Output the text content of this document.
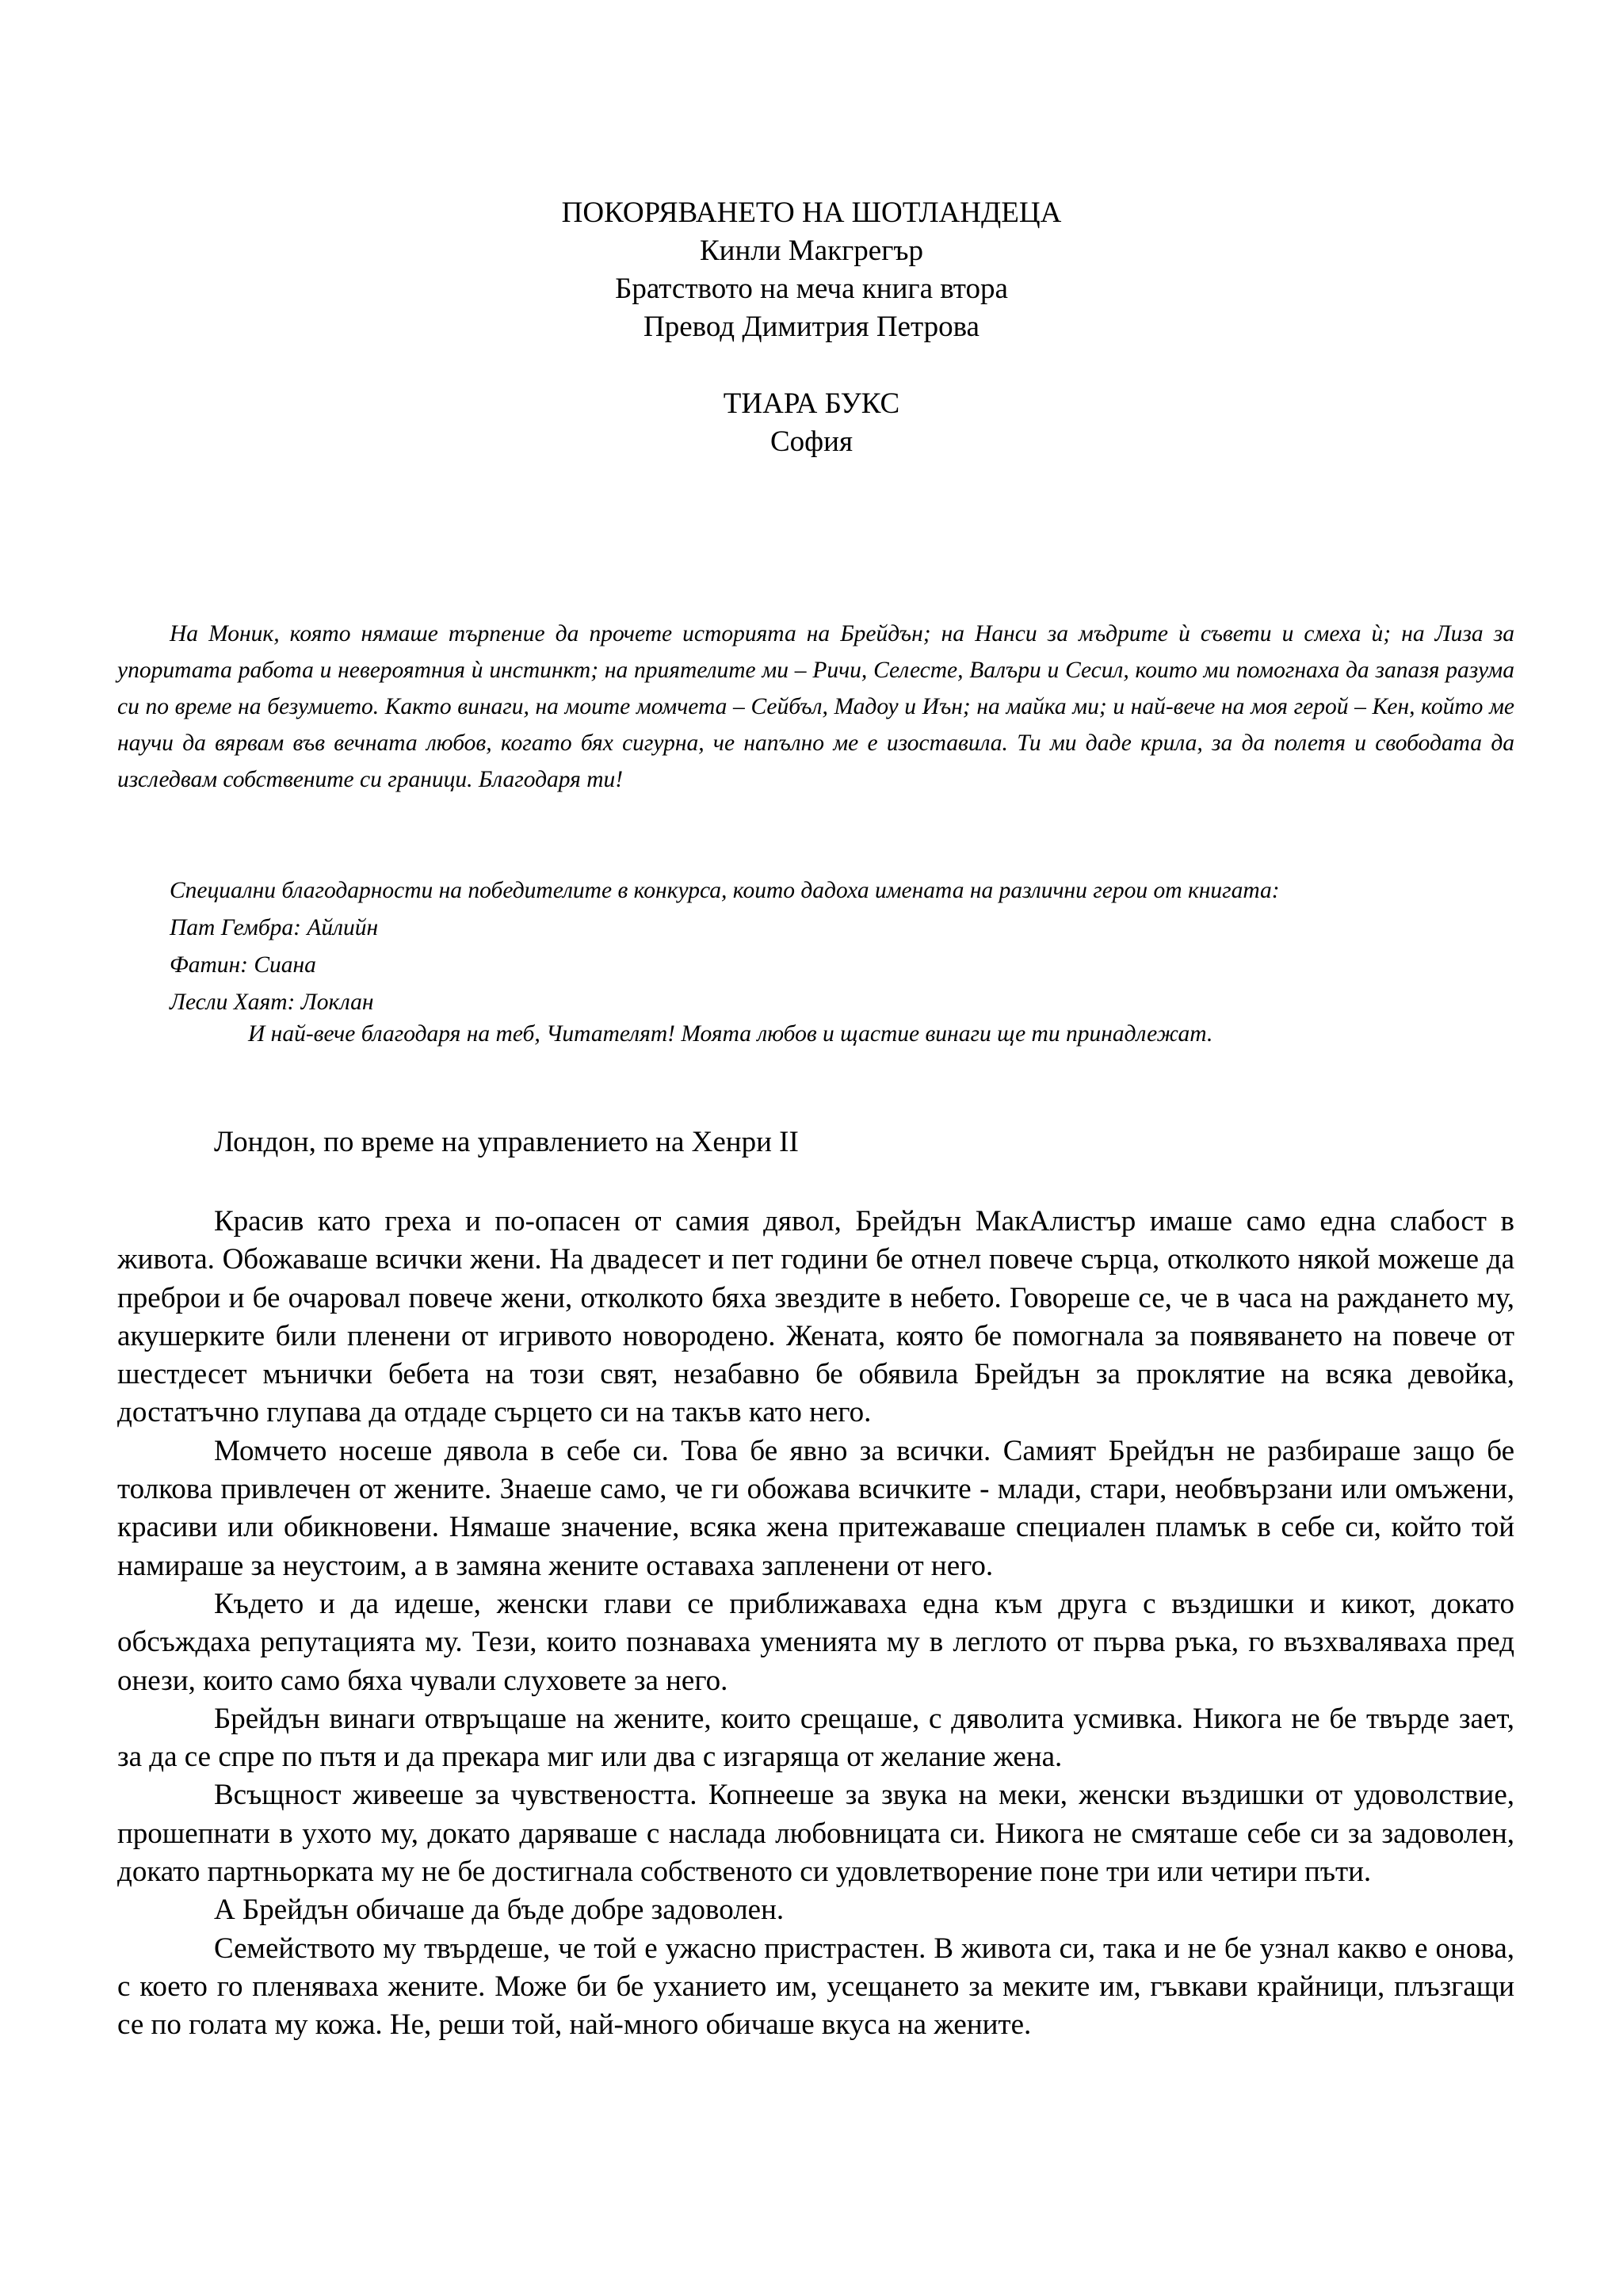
ПОКОРЯВАНЕТО НА ШОТЛАНДЕЦА
Кинли Макгрегър
Братството на меча книга втора
Превод Димитрия Петрова
ТИАРА БУКС
София
На Моник, която нямаше търпение да прочете историята на Брейдън; на Нанси за мъдрите ѝ съвети и смеха ѝ; на Лиза за упоритата работа и невероятния ѝ инстинкт; на приятелите ми – Ричи, Селесте, Валъри и Сесил, които ми помогнаха да запазя разума си по време на безумието. Както винаги, на моите момчета – Сейбъл, Мадоу и Иън; на майка ми; и най-вече на моя герой – Кен, който ме научи да вярвам във вечната любов, когато бях сигурна, че напълно ме е изоставила. Ти ми даде крила, за да полетя и свободата да изследвам собствените си граници. Благодаря ти!
Специални благодарности на победителите в конкурса, които дадоха имената на различни герои от книгата:
Пат Гембра: Айлийн
Фатин: Сиана
Лесли Хаят: Локлан
И най-вече благодаря на теб, Читателят! Моята любов и щастие винаги ще ти принадлежат.
Лондон, по време на управлението на Хенри II

Красив като греха и по-опасен от самия дявол, Брейдън МакАлистър имаше само една слабост в живота. Обожаваше всички жени. На двадесет и пет години бе отнел повече сърца, отколкото някой можеше да преброи и бе очаровал повече жени, отколкото бяха звездите в небето. Говореше се, че в часа на раждането му, акушерките били пленени от игривото новородено. Жената, която бе помогнала за появяването на повече от шестдесет мънички бебета на този свят, незабавно бе обявила Брейдън за проклятие на всяка девойка, достатъчно глупава да отдаде сърцето си на такъв като него.

Момчето носеше дявола в себе си. Това бе явно за всички. Самият Брейдън не разбираше защо бе толкова привлечен от жените. Знаеше само, че ги обожава всичките - млади, стари, необвързани или омъжени, красиви или обикновени. Нямаше значение, всяка жена притежаваше специален пламък в себе си, който той намираше за неустоим, а в замяна жените оставаха запленени от него.

Където и да идеше, женски глави се приближаваха една към друга с въздишки и кикот, докато обсъждаха репутацията му. Тези, които познаваха уменията му в леглото от първа ръка, го възхваляваха пред онези, които само бяха чували слуховете за него.

Брейдън винаги отвръщаше на жените, които срещаше, с дяволита усмивка. Никога не бе твърде зает, за да се спре по пътя и да прекара миг или два с изгаряща от желание жена.

Всъщност живееше за чувствеността. Копнееше за звука на меки, женски въздишки от удоволствие, прошепнати в ухото му, докато даряваше с наслада любовницата си. Никога не смяташе себе си за задоволен, докато партньорката му не бе достигнала собственото си удовлетворение поне три или четири пъти.

А Брейдън обичаше да бъде добре задоволен.

Семейството му твърдеше, че той е ужасно пристрастен. В живота си, така и не бе узнал какво е онова, с което го пленяваха жените. Може би бе уханието им, усещането за меките им, гъвкави крайници, плъзгащи се по голата му кожа. Не, реши той, най-много обичаше вкуса на жените.
